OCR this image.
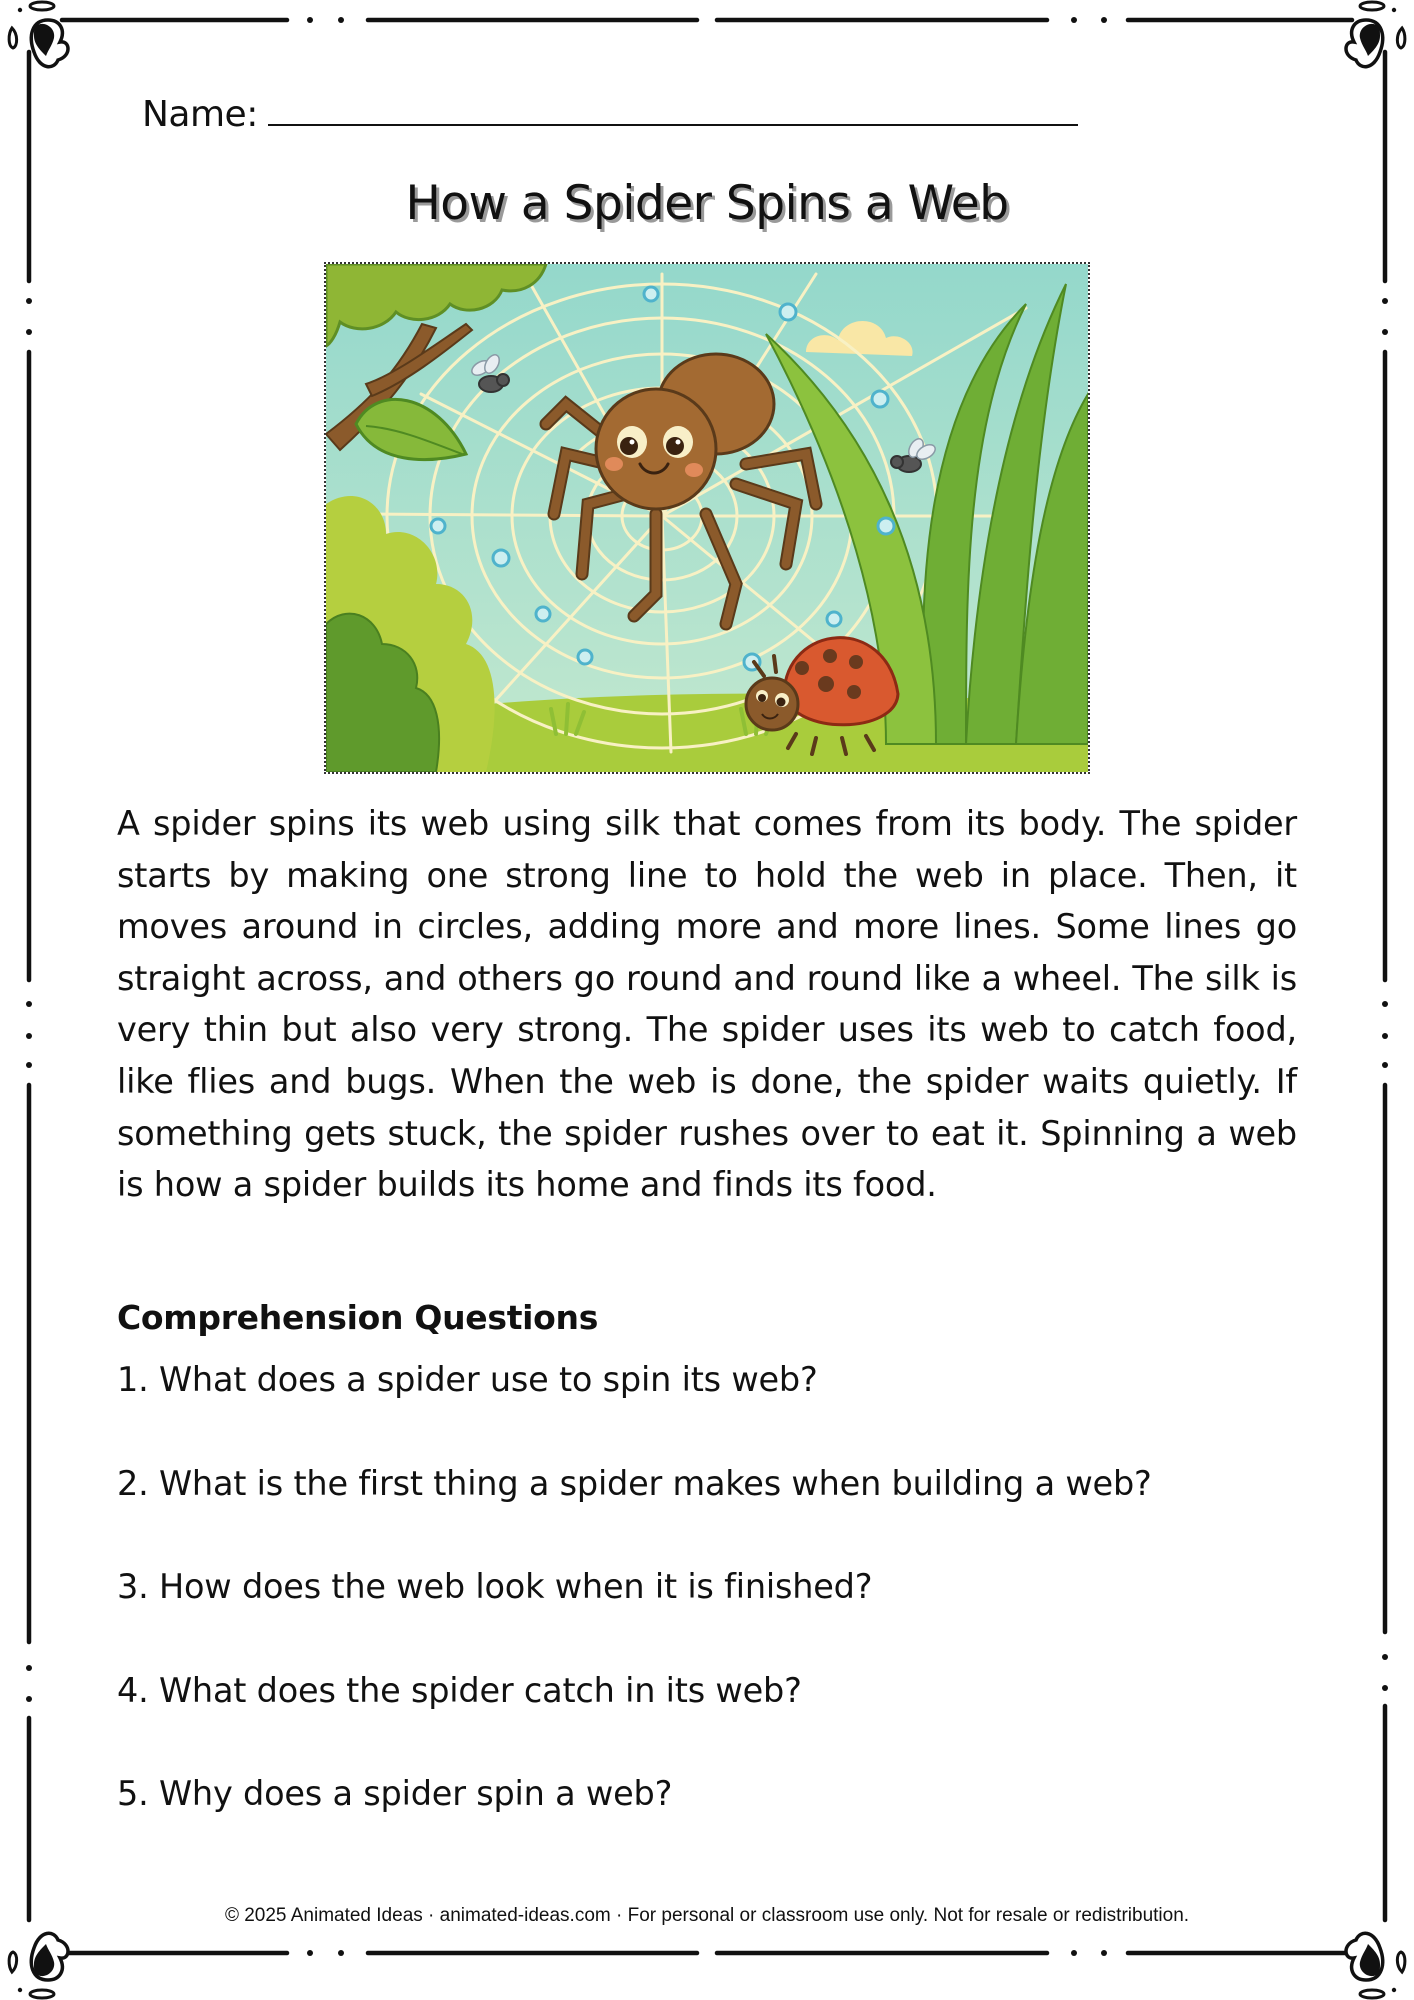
Name:
How a Spider Spins a Web

A spider spins its web using silk that comes from its body. The spider starts by making one strong line to hold the web in place. Then, it moves around in circles, adding more and more lines. Some lines go straight across, and others go round and round like a wheel. The silk is very thin but also very strong. The spider uses its web to catch food, like flies and bugs. When the web is done, the spider waits quietly. If something gets stuck, the spider rushes over to eat it. Spinning a web is how a spider builds its home and finds its food.

Comprehension Questions
1. What does a spider use to spin its web?
2. What is the first thing a spider makes when building a web?
3. How does the web look when it is finished?
4. What does the spider catch in its web?
5. Why does a spider spin a web?
© 2025 Animated Ideas · animated-ideas.com · For personal or classroom use only. Not for resale or redistribution.
